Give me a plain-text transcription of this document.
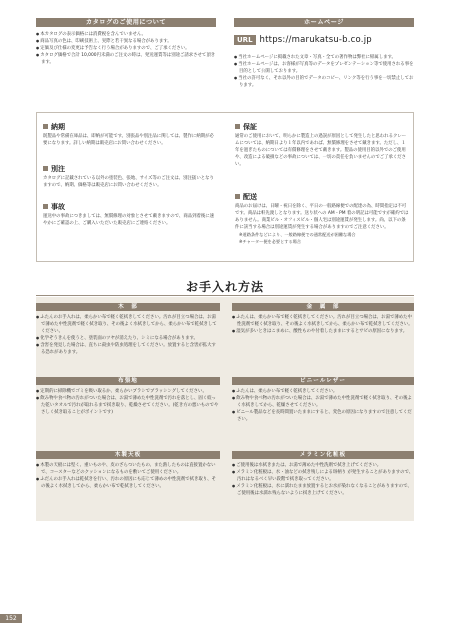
カタログのご使用について
● 本カタログの表示価格には消費税を含んでいません。
● 商品写真の色は、印刷技術上、実際と若干異なる場合があります。
● 定価及び仕様の変更は予告なく行う場合がありますので、ご了承ください。
● カタログ価格で合計 10,000円未満のご注文の時は、発送運賃等は別途ご請求させて頂きます。
ホームページ
URL https://marukatsu-b.co.jp
● 当社ホームページに掲載された文章・写真・全ての著作物は弊社に帰属します。
● 当社ホームページは、お客様が写真等のデータをプレゼンテーション等で使用される事を目的として公開しております。
● 当社の許可なく、それ以外の目的でデータのコピー、リンク等を行う事を一切禁止しております。
納期
既製品や常備在庫品は、即納が可能です。別張品や別注品に関しては、製作に納期が必要になります。詳しい納期は販売店にお問い合わせください。
別注
カタログに記載されている以外の塗装色、張地、サイズ等のご注文は、別注扱いとなりますので、納期、価格等は販売店にお問い合わせください。
事故
運送中の事故につきましては、無償修理の対象とさせて戴きますので、商品到着後に速やかにご確認の上、ご購入いただいた販売店にご連絡ください。
保証
通常のご使用において、明らかに製造上の過誤が原因として発生したと思われるクレームについては、納期日より１年以内であれば、無償修理をさせて戴きます。ただし、１年を過ぎたものについては有償修理をさせて戴きます。製品の使用目的以外でのご使用や、改造による破損などの事故については、一切の責任を負いませんのでご了承ください。
配送
商品のお届けは、日曜・祝日を除く、平日の一般路線便での配達の為、時間指定は不可です。商品は軒先渡しとなります。送り状への AM・PM 着の明記は可能ですが確約ではありません。商業ビル・オフィスビル・個人宅は別途運賃が発生します。尚、以下の条件に該当する場合は別途運賃が発生する場合がありますのでご注意ください。
※道路条件などにより、一般路線便での通常配送が困難な場合
※チャーター便を必要とする場合
お手入れ方法
木　部
● ふたんのお手入れは、柔らかい布で軽く乾拭きしてください。汚れが目立つ場合は、お湯で薄めた中性洗剤で軽く拭き取り、その後よく水拭きしてから、柔らかい布で乾拭きしてください。
● 化学ぞうきんを使うと、塗装面のツヤが消えたり、シミになる場合があります。
● 含害を発見した場合は、直ちに殺虫や防虫処理をしてください。放置すると含害が拡大する恐れがあります。
金　属　部
● ふたんは、柔らかい布で軽く乾拭きしてください。汚れが目立つ場合は、お湯で薄めた中性洗剤で軽く拭き取り、その後よく水拭きしてから、柔らかい布で乾拭きしてください。
● 湿気が多いときはこまめに、酸性ものや付着したままにするとサビの原因になります。
布張地
● 定期的に掃除機でゴミを吸い取るか、柔らかいブラシでブラッシングしてください。
● 飲み物や食べ物の汚れがついた場合は、お湯で薄めた中性洗剤で汚れを落とし、固く絞った乾いタオルで汚れが取れるまで拭き取り、乾燥させてください。(乾き方の悪いものでやさしく拭き取ることがポイントです)
ビニールレザー
● ふたんは、柔らかい布で軽く乾拭きしてください。
● 飲み物や食べ物の汚れがついた場合は、お湯で薄めた中性洗剤で軽く拭き取り、その後よく水拭きしてから、乾燥させてください。
● ビニール製品などを長時間置いたままにすると、変色の原因になりますので注意してください。
木製天板
● 木製の天板には堅く、重いものや、皮のざらついたもの、また熱したものは直接置かないで、コースターなどのクッションになるものを敷いてご使用ください。
● ふだんのお手入れは乾拭きを行い、汚れの原因にも応じて薄めの中性洗剤で拭き取り、その後よく水拭きしてから、柔らかい布で乾拭きしてください。
メラミン化粧板
● ご使用後は水拭きまたは、お湯で薄めた中性洗剤で拭き上げてください。
● メラミン化粧板は、水・油などの拭き残しによる斑柄り が発生することがありますので、汚れはなるべく早い段階で拭き取ってください。
● メラミン化粧板は、水に濡れたまま放置するとお水が染れなくなることがありますので、ご使用後は水濡れ残らないように拭き上げてください。
152
